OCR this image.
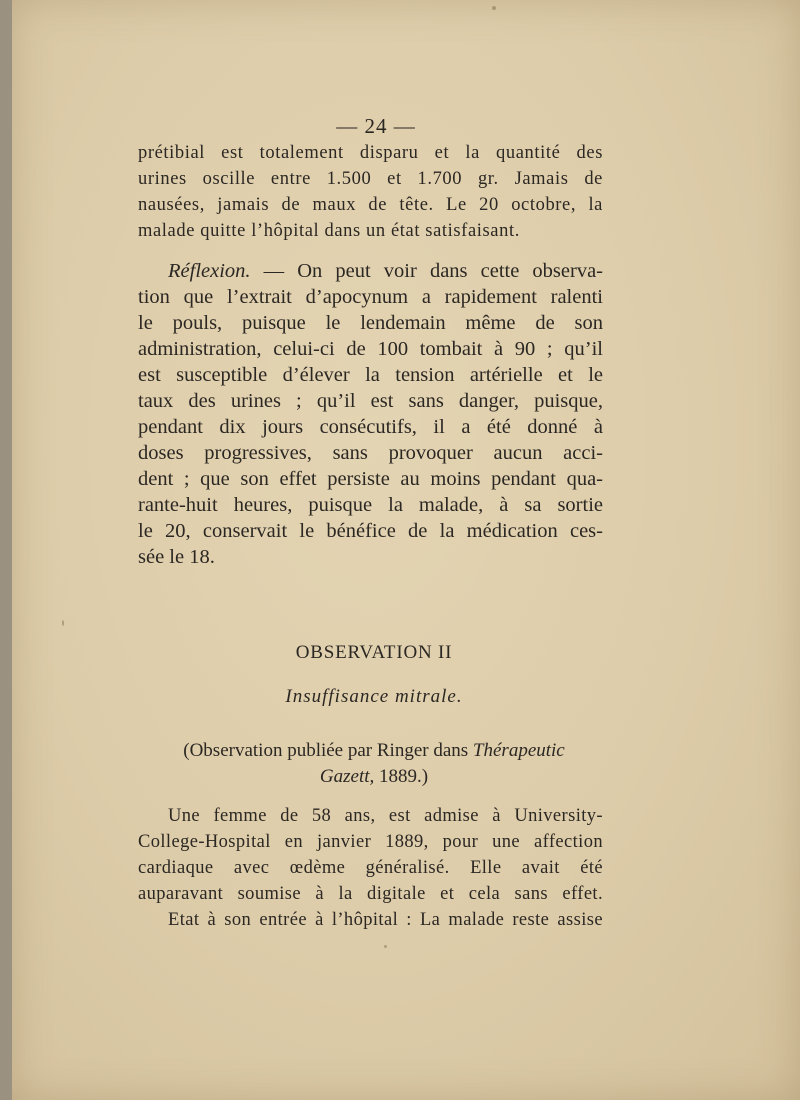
— 24 —
prétibial est totalement disparu et la quantité des
urines oscille entre 1.500 et 1.700 gr. Jamais de
nausées, jamais de maux de tête. Le 20 octobre, la
malade quitte l’hôpital dans un état satisfaisant.
Réflexion. — On peut voir dans cette observa-
tion que l’extrait d’apocynum a rapidement ralenti
le pouls, puisque le lendemain même de son
administration, celui-ci de 100 tombait à 90 ; qu’il
est susceptible d’élever la tension artérielle et le
taux des urines ; qu’il est sans danger, puisque,
pendant dix jours consécutifs, il a été donné à
doses progressives, sans provoquer aucun acci-
dent ; que son effet persiste au moins pendant qua-
rante-huit heures, puisque la malade, à sa sortie
le 20, conservait le bénéfice de la médication ces-
sée le 18.
OBSERVATION II
Insuffisance mitrale.
(Observation publiée par Ringer dans Thérapeutic
Gazett, 1889.)
Une femme de 58 ans, est admise à University-
College-Hospital en janvier 1889, pour une affection
cardiaque avec œdème généralisé. Elle avait été
auparavant soumise à la digitale et cela sans effet.
Etat à son entrée à l’hôpital : La malade reste assise
